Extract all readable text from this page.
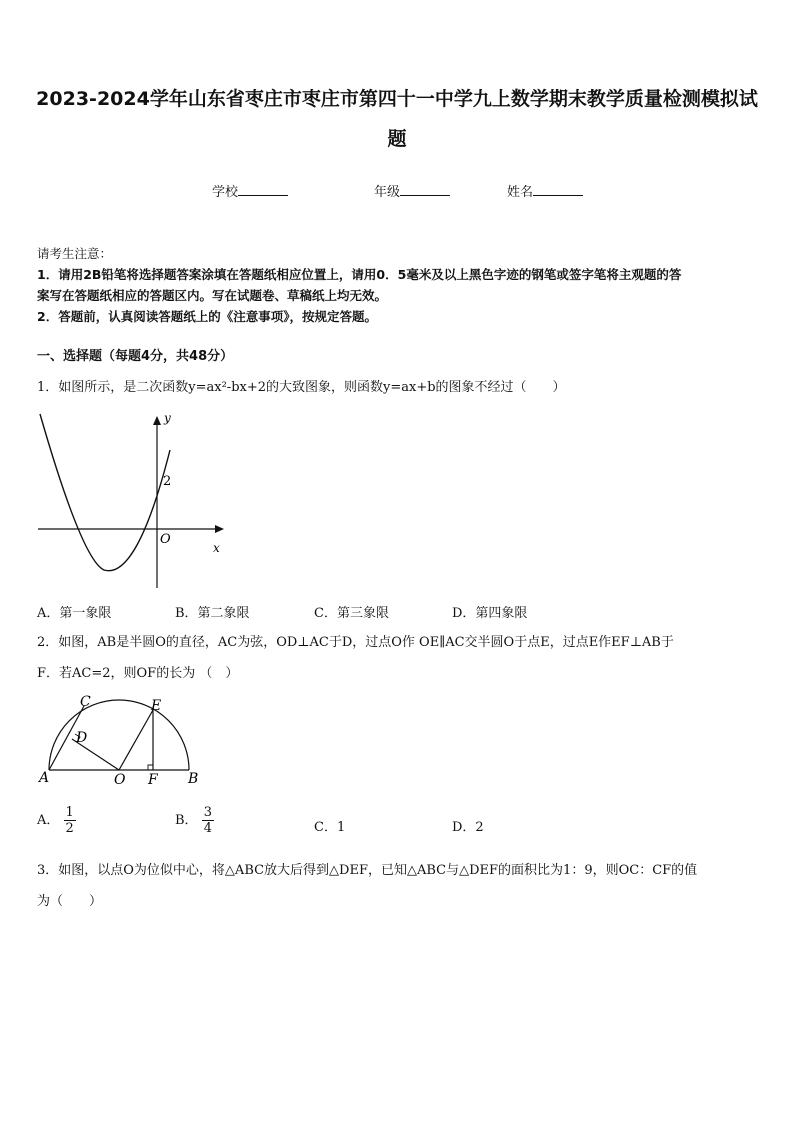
2023-2024学年山东省枣庄市枣庄市第四十一中学九上数学期末教学质量检测模拟试
题
学校	年级	姓名
请考生注意：
1．请用2B铅笔将选择题答案涂填在答题纸相应位置上，请用0．5毫米及以上黑色字迹的钢笔或签字笔将主观题的答
案写在答题纸相应的答题区内。写在试题卷、草稿纸上均无效。
2．答题前，认真阅读答题纸上的《注意事项》，按规定答题。
一、选择题（每题4分，共48分）
1．如图所示，是二次函数y=ax²-bx+2的大致图象，则函数y=ax+b的图象不经过（　　）
y
x
O
2
A．第一象限	B．第二象限	C．第三象限	D．第四象限
2．如图，AB是半圆O的直径，AC为弦，OD⊥AC于D，过点O作 OE∥AC交半圆O于点E，过点E作EF⊥AB于
F．若AC=2，则OF的长为 （　）
A	B
C
D
E
O F
A． $\frac{1}{2}$	B． $\frac{3}{4}$	C．1	D．2
3．如图，以点O为位似中心，将△ABC放大后得到△DEF，已知△ABC与△DEF的面积比为1：9，则OC：CF的值
为（　　）
